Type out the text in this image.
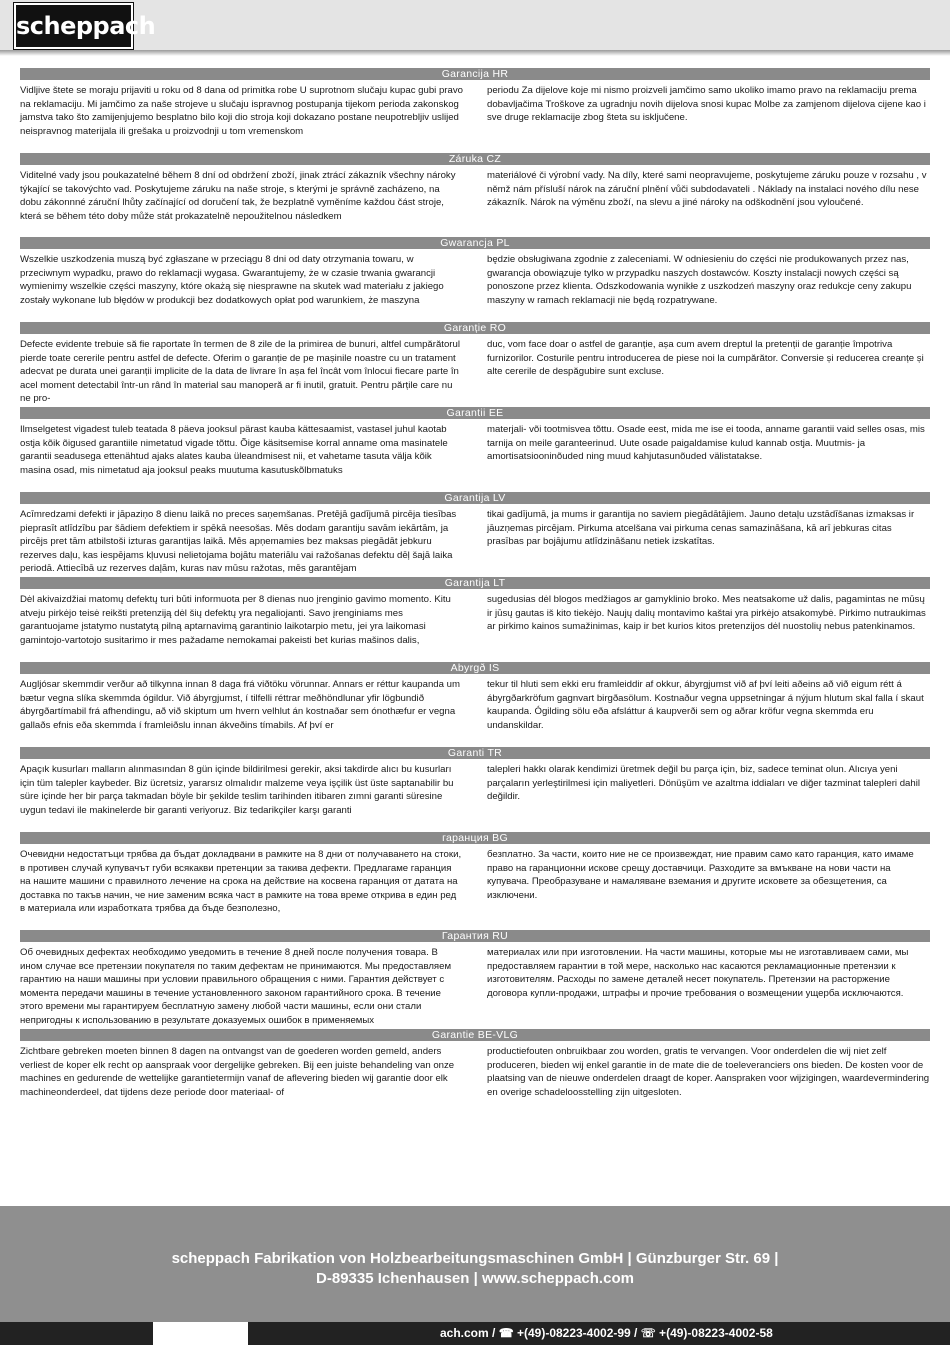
scheppach
Garancija HR
Vidljive štete se moraju prijaviti u roku od 8 dana od primitka robe U suprotnom slučaju kupac gubi pravo na reklamaciju. Mi jamčimo za naše strojeve u slučaju ispravnog postupanja tijekom perioda zakonskog jamstva tako što zamijenjujemo besplatno bilo koji dio stroja koji dokazano postane neupotrebljiv uslijed neispravnog materijala ili grešaka u proizvodnji u tom vremenskom
periodu Za dijelove koje mi nismo proizveli jamčimo samo ukoliko imamo pravo na reklamaciju prema dobavljačima Troškove za ugradnju novih dijelova snosi kupac Molbe za zamjenom dijelova cijene kao i sve druge reklamacije zbog šteta su isključene.
Záruka CZ
Viditelné vady jsou poukazatelné během 8 dní od obdržení zboží, jinak ztrácí zákazník všechny nároky týkající se takovýchto vad. Poskytujeme záruku na naše stroje, s kterými je správně zacházeno, na dobu zákonnné záruční lhůty začínající od doručení tak, že bezplatně vyměníme každou část stroje, která se během této doby může stát prokazatelně nepoužitelnou následkem
materiálové či výrobní vady. Na díly, které sami neopravujeme, poskytujeme záruku pouze v rozsahu , v němž nám přísluší nárok na záruční plnění vůči subdodavateli . Náklady na instalaci nového dílu nese zákazník. Nárok na výměnu zboží, na slevu a jiné nároky na odškodnění jsou vyloučené.
Gwarancja PL
Wszelkie uszkodzenia muszą być zgłaszane w przeciągu 8 dni od daty otrzymania towaru, w przeciwnym wypadku, prawo do reklamacji wygasa. Gwarantujemy, że w czasie trwania gwarancji wymienimy wszelkie części maszyny, które okażą się niesprawne na skutek wad materiału z jakiego zostały wykonane lub błędów w produkcji bez dodatkowych opłat pod warunkiem, że maszyna
będzie obsługiwana zgodnie z zaleceniami. W odniesieniu do części nie produkowanych przez nas, gwarancja obowiązuje tylko w przypadku naszych dostawców. Koszty instalacji nowych części są ponoszone przez klienta. Odszkodowania wynikłe z uszkodzeń maszyny oraz redukcje ceny zakupu maszyny w ramach reklamacji nie będą rozpatrywane.
Garanție RO
Defecte evidente trebuie să fie raportate în termen de 8 zile de la primirea de bunuri, altfel cumpărătorul pierde toate cererile pentru astfel de defecte. Oferim o garanție de pe mașinile noastre cu un tratament adecvat pe durata unei garanții implicite de la data de livrare în așa fel încât vom înlocui fiecare parte în acel moment detectabil într-un rând în material sau manoperă ar fi inutil, gratuit. Pentru părțile care nu ne pro-
duc, vom face doar o astfel de garanție, așa cum avem dreptul la pretenții de garanție împotriva furnizorilor. Costurile pentru introducerea de piese noi la cumpărător. Conversie și reducerea creanțe și alte cererile de despăgubire sunt excluse.
Garantii EE
Ilmselgetest vigadest tuleb teatada 8 päeva jooksul pärast kauba kättesaamist, vastasel juhul kaotab ostja kõik õigused garantiile nimetatud vigade tõttu. Õige käsitsemise korral anname oma masinatele garantii seadusega ettenähtud ajaks alates kauba üleandmisest nii, et vahetame tasuta välja kõik masina osad, mis nimetatud aja jooksul peaks muutuma kasutuskõlbmatuks
materjali- või tootmisvea tõttu. Osade eest, mida me ise ei tooda, anname garantii vaid selles osas, mis tarnija on meile garanteerinud. Uute osade paigaldamise kulud kannab ostja. Muutmis- ja amortisatsiooninõuded ning muud kahjutasunõuded välistatakse.
Garantija LV
Acīmredzami defekti ir jāpaziņo 8 dienu laikā no preces saņemšanas. Pretējā gadījumā pircēja tiesības pieprasīt atlīdzību par šādiem defektiem ir spēkā neesošas. Mēs dodam garantiju savām iekārtām, ja pircējs pret tām atbilstoši izturas garantijas laikā. Mēs apņemamies bez maksas piegādāt jebkuru rezerves daļu, kas iespējams kļuvusi nelietojama bojātu materiālu vai ražošanas defektu dēļ šajā laika periodā. Attiecībā uz rezerves daļām, kuras nav mūsu ražotas, mēs garantējam
tikai gadījumā, ja mums ir garantija no saviem piegādātājiem. Jauno detaļu uzstādīšanas izmaksas ir jāuzņemas pircējam. Pirkuma atcelšana vai pirkuma cenas samazināšana, kā arī jebkuras citas prasības par bojājumu atlīdzināšanu netiek izskatītas.
Garantija LT
Dėl akivaizdžiai matomų defektų turi būti informuota per 8 dienas nuo įrenginio gavimo momento. Kitu atveju pirkėjo teisė reikšti pretenziją dėl šių defektų yra negaliojanti. Savo įrenginiams mes garantuojame įstatymo nustatytą pilną aptarnavimą garantinio laikotarpio metu, jei yra laikomasi gamintojo-vartotojo susitarimo ir mes pažadame nemokamai pakeisti bet kurias mašinos dalis,
sugedusias dėl blogos medžiagos ar gamyklinio broko. Mes neatsakome už dalis, pagamintas ne mūsų ir jūsų gautas iš kito tiekėjo. Naujų dalių montavimo kaštai yra pirkėjo atsakomybė. Pirkimo nutraukimas ar pirkimo kainos sumažinimas, kaip ir bet kurios kitos pretenzijos dėl nuostolių nebus patenkinamos.
Abyrgð IS
Augljósar skemmdir verður að tilkynna innan 8 daga frá viðtöku vörunnar. Annars er réttur kaupanda um bætur vegna slíka skemmda ógildur. Við ábyrgjumst, í tilfelli réttrar meðhöndlunar yfir lögbundið ábyrgðartímabil frá afhendingu, að við skiptum um hvern velhlut án kostnaðar sem ónothæfur er vegna gallaðs efnis eða skemmda í framleiðslu innan ákveðins tímabils. Af því er
tekur til hluti sem ekki eru framleiddir af okkur, ábyrgjumst við af því leiti aðeins að við eigum rétt á ábyrgðarkröfum gagnvart birgðasölum. Kostnaður vegna uppsetningar á nýjum hlutum skal falla í skaut kaupanda. Ógilding sölu eða afsláttur á kaupverði sem og aðrar kröfur vegna skemmda eru undanskildar.
Garanti TR
Apaçık kusurları malların alınmasından 8 gün içinde bildirilmesi gerekir, aksi takdirde alıcı bu kusurları için tüm talepler kaybeder. Biz ücretsiz, yararsız olmalıdır malzeme veya işçilik üst üste saptanabilir bu süre içinde her bir parça takmadan böyle bir şekilde teslim tarihinden itibaren zımni garanti süresine uygun tedavi ile makinelerde bir garanti veriyoruz. Biz tedarikçiler karşı garanti
talepleri hakkı olarak kendimizi üretmek değil bu parça için, biz, sadece teminat olun. Alıcıya yeni parçaların yerleştirilmesi için maliyetleri. Dönüşüm ve azaltma iddiaları ve diğer tazminat talepleri dahil değildir.
гаранция BG
Очевидни недостатъци трябва да бъдат докладвани в рамките на 8 дни от получаването на стоки, в противен случай купувачът губи всякакви претенции за такива дефекти. Предлагаме гаранция на нашите машини с правилното лечение на срока на действие на косвена гаранция от датата на доставка по такъв начин, че ние заменим всяка част в рамките на това време открива в един ред в материала или изработката трябва да бъде безполезно,
безплатно. За части, които ние не се произвеждат, ние правим само като гаранция, като имаме право на гаранционни искове срещу доставчици. Разходите за вмъкване на нови части на купувача. Преобразуване и намаляване вземания и другите исковете за обезщетения, са изключени.
Гарантия RU
Об очевидных дефектах необходимо уведомить в течение 8 дней после получения товара. В ином случае все претензии покупателя по таким дефектам не принимаются. Мы предоставляем гарантию на наши машины при условии правильного обращения с ними. Гарантия действует с момента передачи машины в течение установленного законом гарантийного срока. В течение этого времени мы гарантируем бесплатную замену любой части машины, если они стали непригодны к использованию в результате доказуемых ошибок в применяемых
материалах или при изготовлении. На части машины, которые мы не изготавливаем сами, мы предоставляем гарантии в той мере, насколько нас касаются рекламационные претензии к изготовителям. Расходы по замене деталей несет покупатель. Претензии на расторжение договора купли-продажи, штрафы и прочие требования о возмещении ущерба исключаются.
Garantie BE-VLG
Zichtbare gebreken moeten binnen 8 dagen na ontvangst van de goederen worden gemeld, anders verliest de koper elk recht op aanspraak voor dergelijke gebreken. Bij een juiste behandeling van onze machines en gedurende de wettelijke garantietermijn vanaf de aflevering bieden wij garantie door elk machineonderdeel, dat tijdens deze periode door materiaal- of
productiefouten onbruikbaar zou worden, gratis te vervangen. Voor onderdelen die wij niet zelf produceren, bieden wij enkel garantie in de mate die de toeleveranciers ons bieden. De kosten voor de plaatsing van de nieuwe onderdelen draagt de koper. Aanspraken voor wijzigingen, waardevermindering en overige schadeloosstelling zijn uitgesloten.
scheppach Fabrikation von Holzbearbeitungsmaschinen GmbH | Günzburger Str. 69 |
D-89335 Ichenhausen | www.scheppach.com
ach.com / ☎ +(49)-08223-4002-99 / ☏ +(49)-08223-4002-58
